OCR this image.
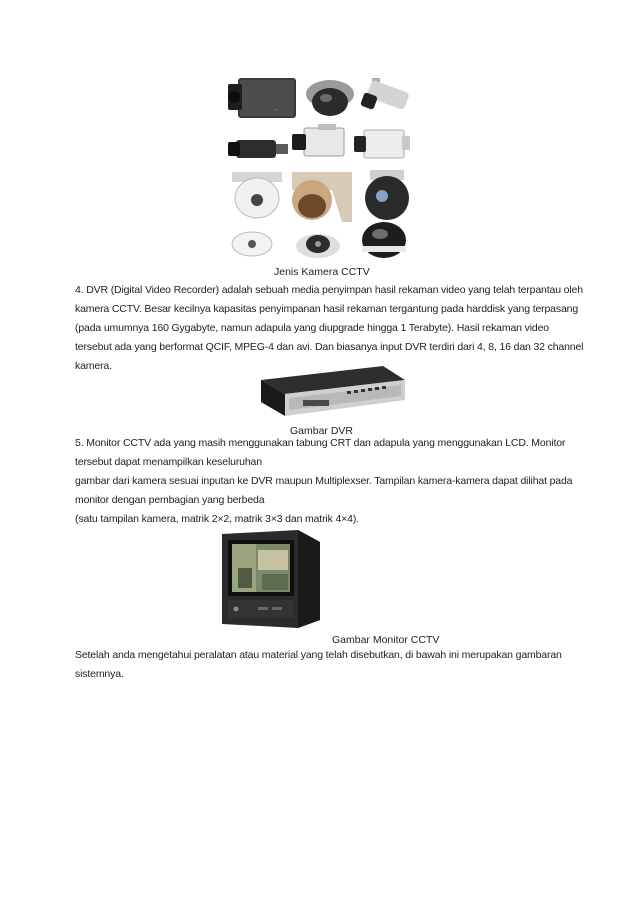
~
Jenis Kamera CCTV

4. DVR (Digital Video Recorder) adalah sebuah media penyimpan hasil rekaman video yang telah terpantau oleh

kamera CCTV. Besar kecilnya kapasitas penyimpanan hasil rekaman tergantung pada harddisk yang terpasang

(pada umumnya 160 Gygabyte, namun adapula yang diupgrade hingga 1 Terabyte). Hasil rekaman video

tersebut ada yang berformat QCIF, MPEG-4 dan avi. Dan biasanya input DVR terdiri dari 4, 8, 16 dan 32 channel

kamera.

Gambar DVR

5. Monitor CCTV ada yang masih menggunakan tabung CRT dan adapula yang menggunakan LCD. Monitor

tersebut dapat menampilkan keseluruhan

gambar dari kamera sesuai inputan ke DVR maupun Multiplexser. Tampilan kamera-kamera dapat dilihat pada

monitor dengan pembagian yang berbeda

(satu tampilan kamera, matrik 2×2, matrik 3×3 dan matrik 4×4).

Gambar Monitor CCTV

Setelah anda mengetahui peralatan atau material yang telah disebutkan, di bawah ini merupakan gambaran

sistemnya.
